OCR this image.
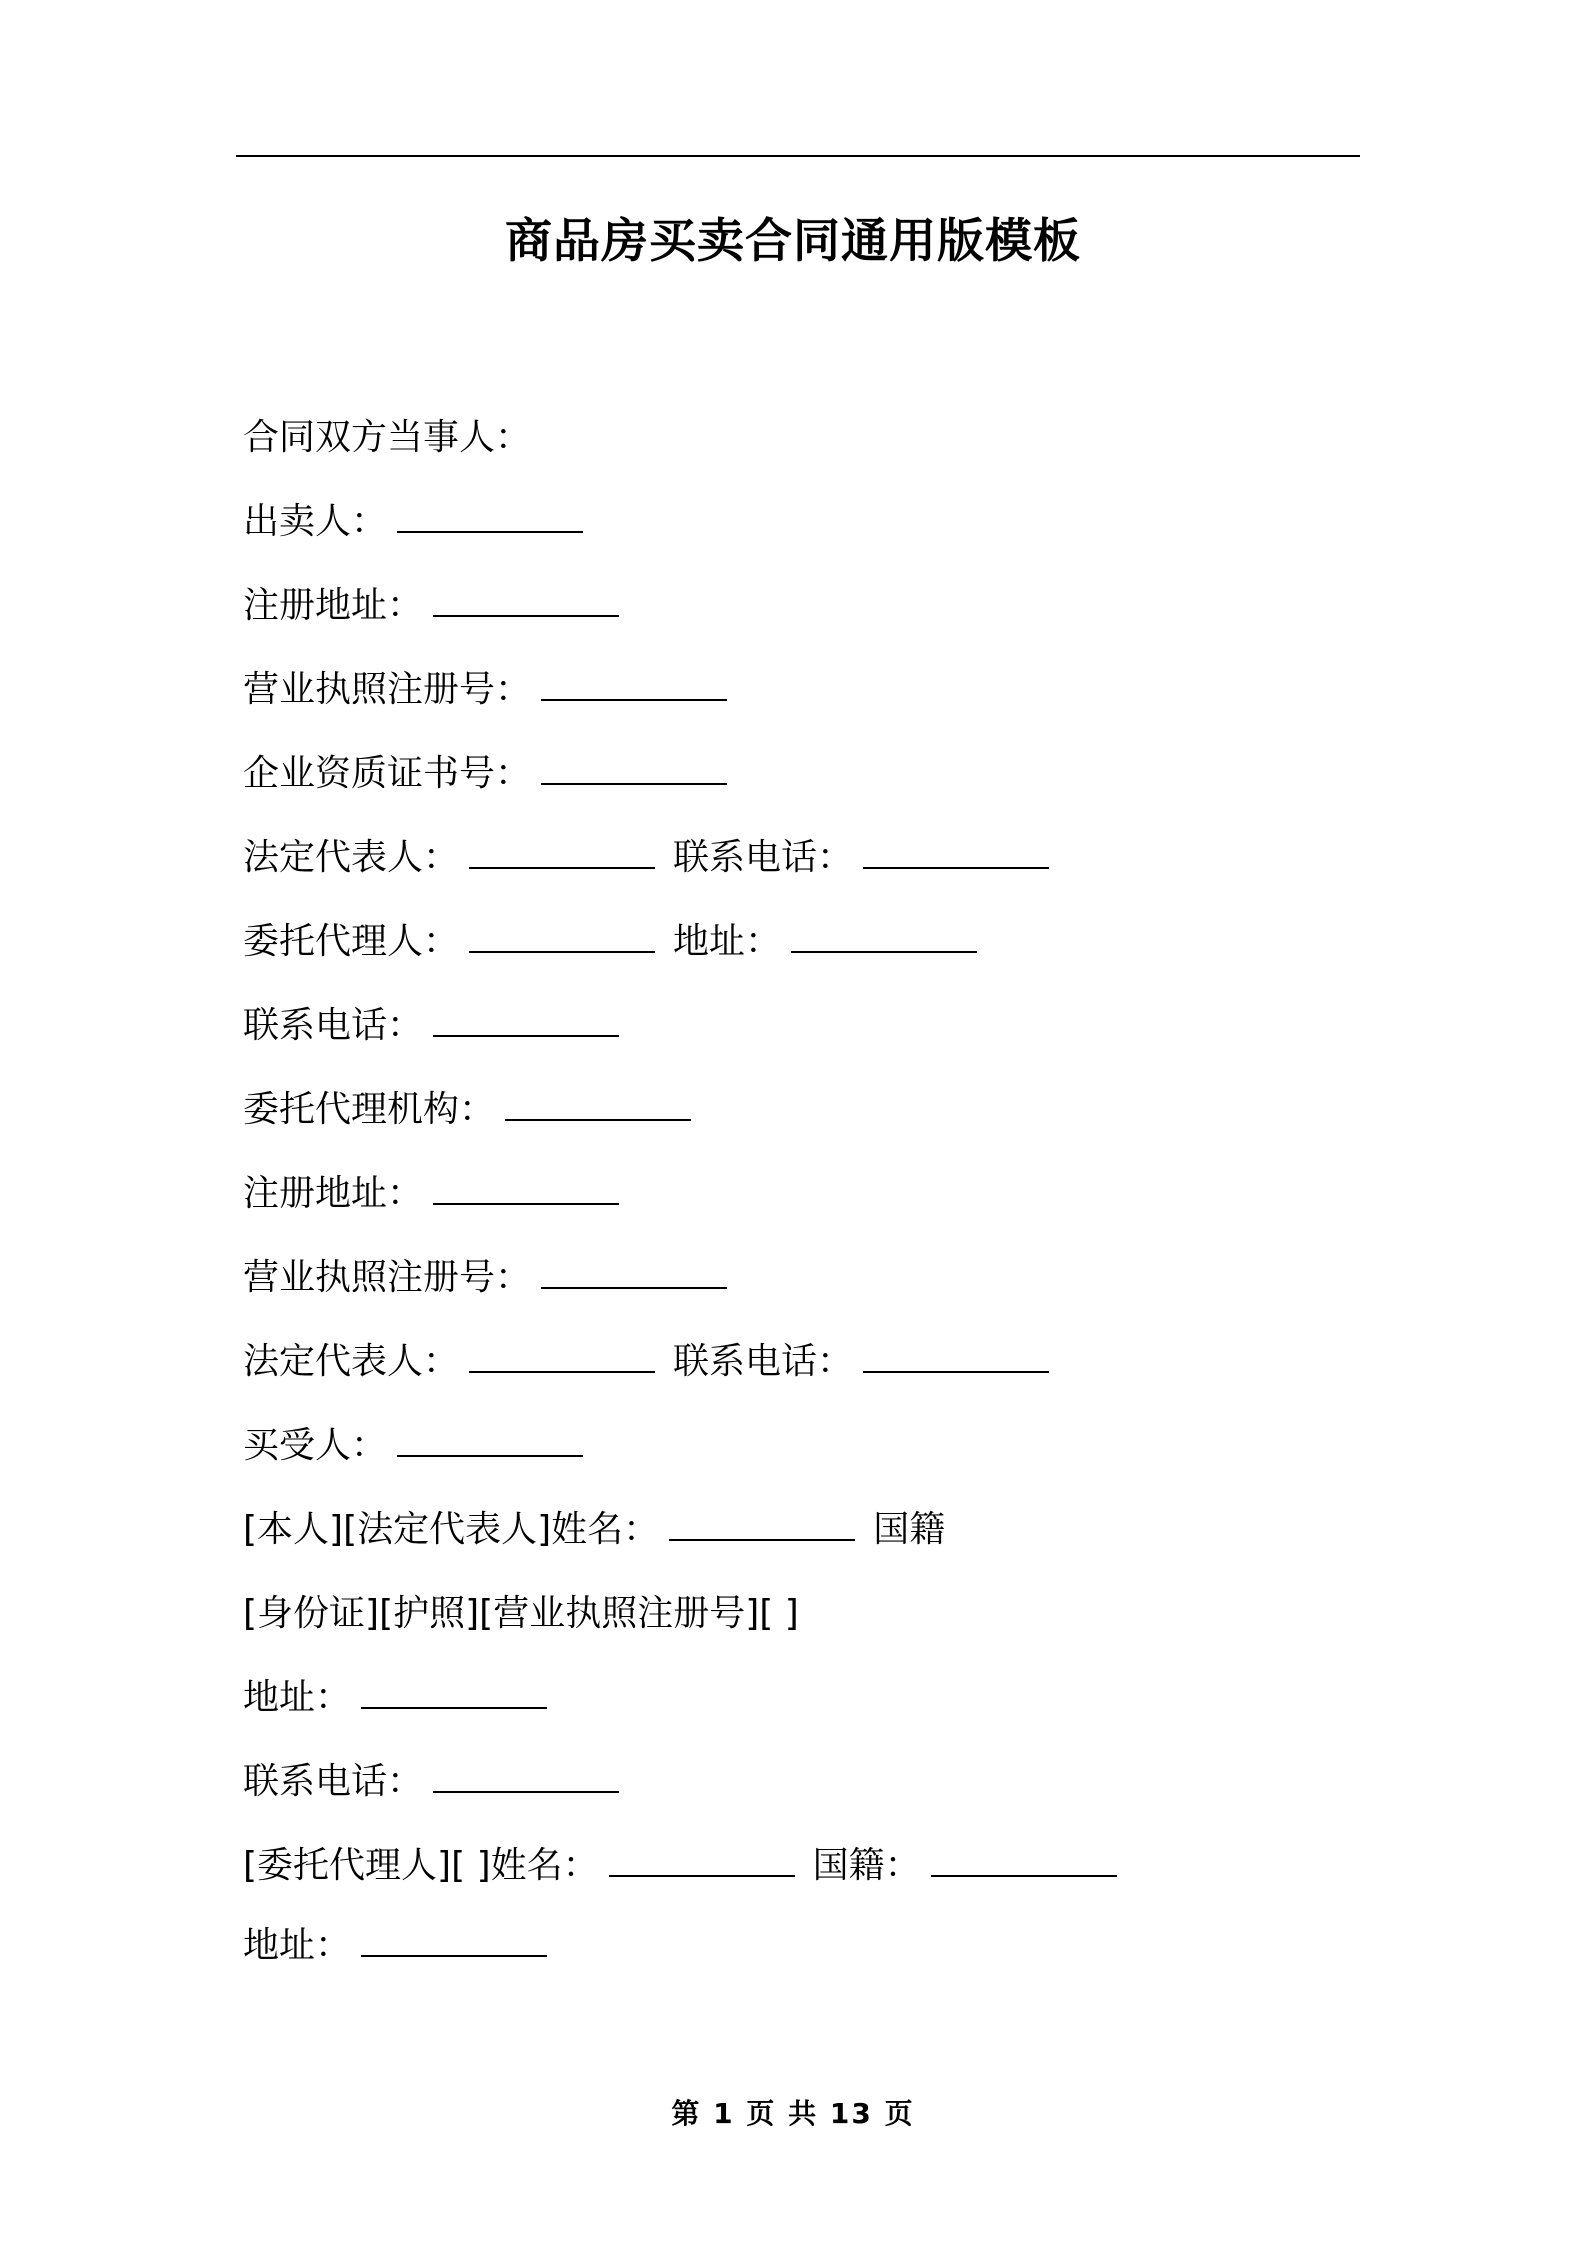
商品房买卖合同通用版模板
合同双方当事人：
出卖人：
注册地址：
营业执照注册号：
企业资质证书号：
法定代表人：	联系电话：
委托代理人：	地址：
联系电话：
委托代理机构：
注册地址：
营业执照注册号：
法定代表人：	联系电话：
买受人：
[本人][法定代表人]姓名：	国籍
[身份证][护照][营业执照注册号][ ]
地址：
联系电话：
[委托代理人][ ]姓名：	国籍：
地址：
第 1 页 共 13 页
